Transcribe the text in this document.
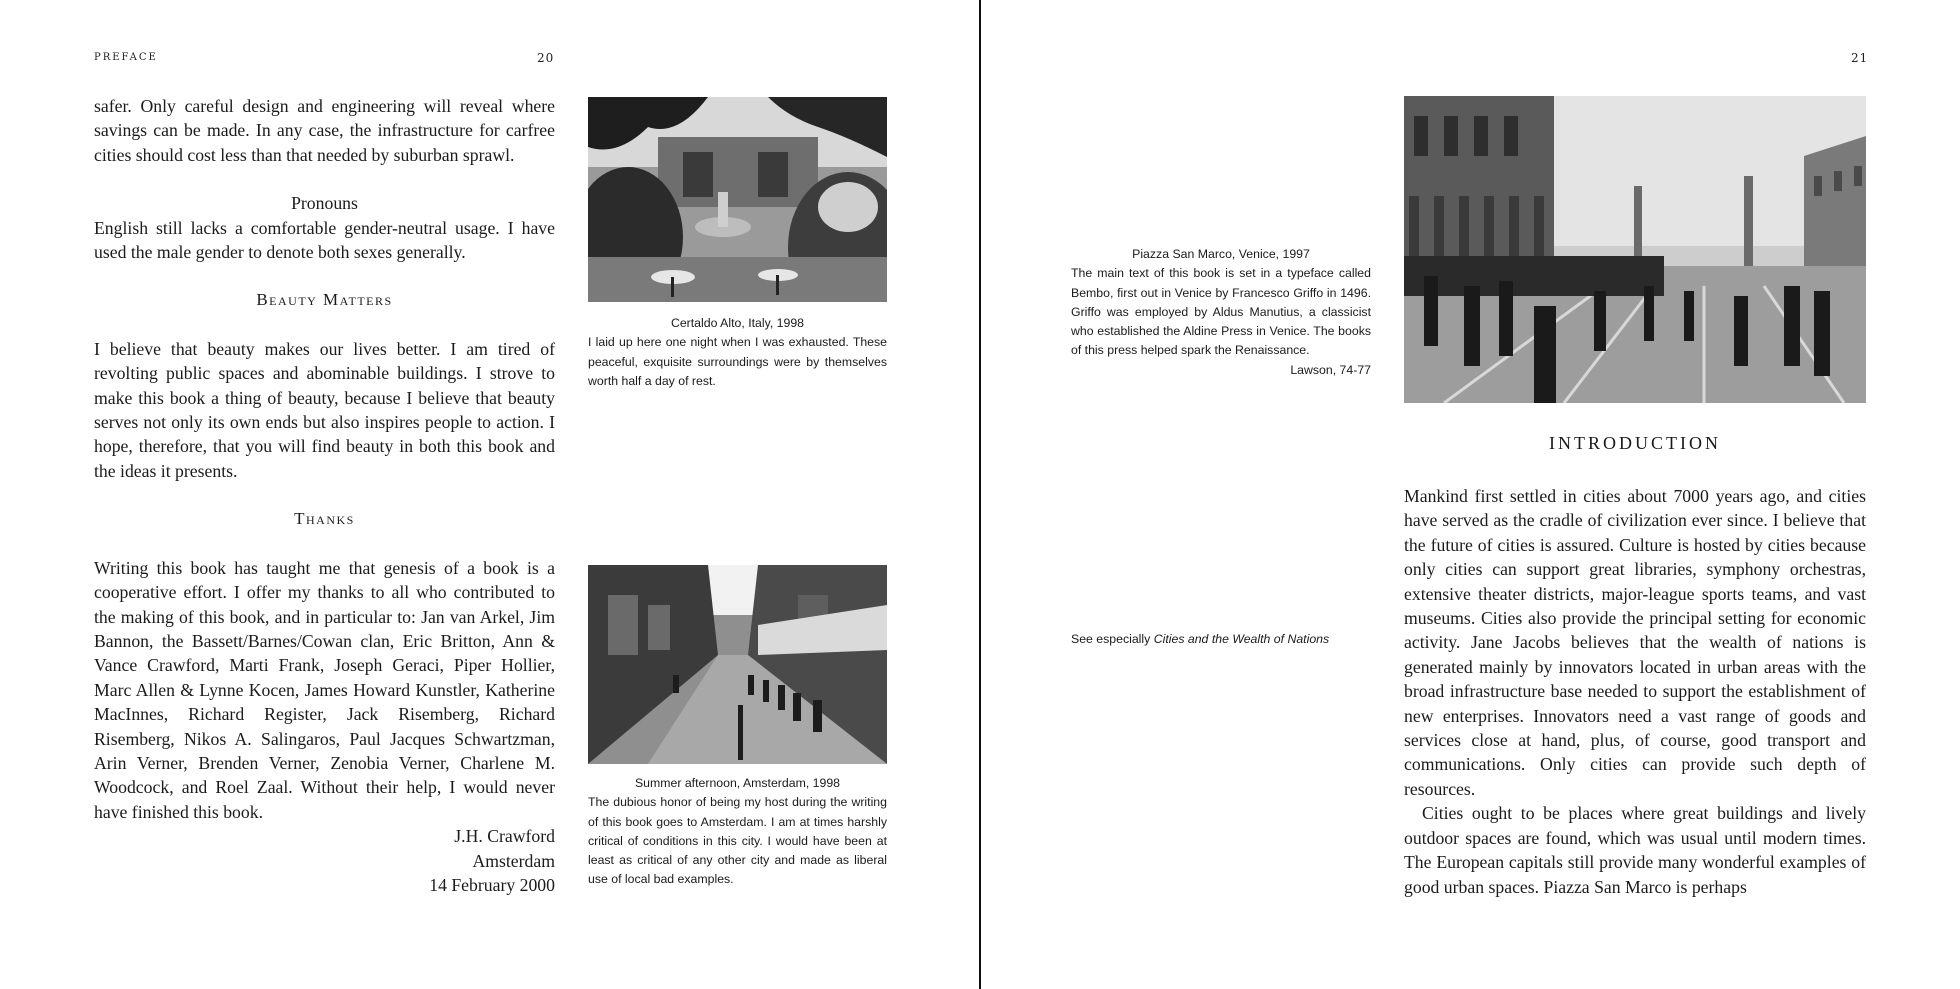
PREFACE	20

safer. Only careful design and engineering will reveal where savings can be made. In any case, the infrastructure for carfree cities should cost less than that needed by suburban sprawl.

Pronouns

English still lacks a comfortable gender-neutral usage. I have used the male gender to denote both sexes generally.

Beauty Matters

I believe that beauty makes our lives better. I am tired of revolting public spaces and abominable buildings. I strove to make this book a thing of beauty, because I believe that beauty serves not only its own ends but also inspires people to action. I hope, therefore, that you will find beauty in both this book and the ideas it presents.

Thanks

Writing this book has taught me that genesis of a book is a cooperative effort. I offer my thanks to all who contributed to the making of this book, and in particular to: Jan van Arkel, Jim Bannon, the Bassett/Barnes/Cowan clan, Eric Britton, Ann & Vance Crawford, Marti Frank, Joseph Geraci, Piper Hollier, Marc Allen & Lynne Kocen, James Howard Kunstler, Katherine MacInnes, Richard Register, Jack Risemberg, Richard Risemberg, Nikos A. Salingaros, Paul Jacques Schwartzman, Arin Verner, Brenden Verner, Zenobia Verner, Charlene M. Woodcock, and Roel Zaal. Without their help, I would never have finished this book.

J.H. Crawford
Amsterdam
14 February 2000
Certaldo Alto, Italy, 1998
I laid up here one night when I was exhausted. These peaceful, exquisite surroundings were by themselves worth half a day of rest.
Summer afternoon, Amsterdam, 1998
The dubious honor of being my host during the writing of this book goes to Amsterdam. I am at times harshly critical of conditions in this city. I would have been at least as critical of any other city and made as liberal use of local bad examples.
21
Piazza San Marco, Venice, 1997
The main text of this book is set in a typeface called Bembo, first out in Venice by Francesco Griffo in 1496. Griffo was employed by Aldus Manutius, a classicist who established the Aldine Press in Venice. The books of this press helped spark the Renaissance.
Lawson, 74-77
See especially Cities and the Wealth of Nations
INTRODUCTION

Mankind first settled in cities about 7000 years ago, and cities have served as the cradle of civilization ever since. I believe that the future of cities is assured. Culture is hosted by cities because only cities can support great libraries, symphony orchestras, extensive theater districts, major-league sports teams, and vast museums. Cities also provide the principal setting for economic activity. Jane Jacobs believes that the wealth of nations is generated mainly by innovators located in urban areas with the broad infrastructure base needed to support the establishment of new enterprises. Innovators need a vast range of goods and services close at hand, plus, of course, good transport and communications. Only cities can provide such depth of resources.

Cities ought to be places where great buildings and lively outdoor spaces are found, which was usual until modern times. The European capitals still provide many wonderful examples of good urban spaces. Piazza San Marco is perhaps
